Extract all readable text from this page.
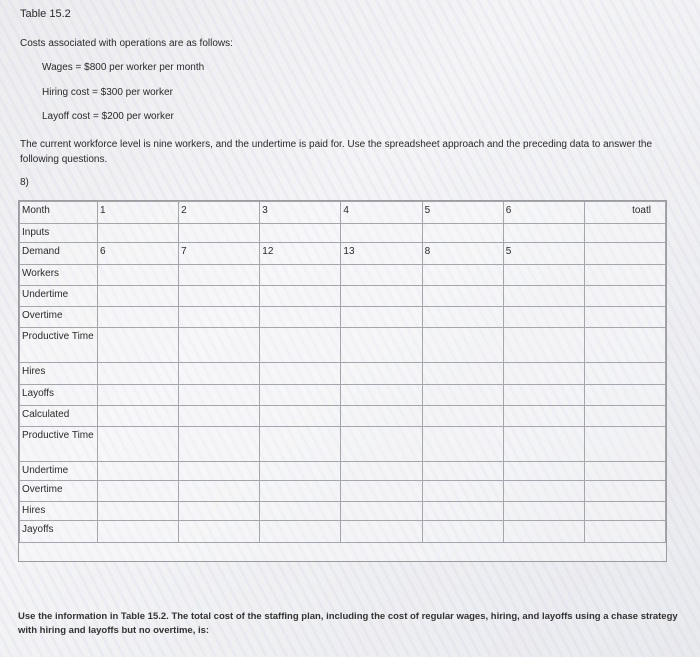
Table 15.2
Costs associated with operations are as follows:
Wages = $800 per worker per month
Hiring cost = $300 per worker
Layoff cost = $200 per worker
The current workforce level is nine workers, and the undertime is paid for. Use the spreadsheet approach and the preceding data to answer the following questions.
8)
Month	1	2	3	4	5	6	toatl
Inputs							
Demand	6	7	12	13	8	5	
Workers							
Undertime							
Overtime							
Productive Time							
Hires							
Layoffs							
Calculated							
Productive Time							
Undertime							
Overtime							
Hires							
Jayoffs							
Use the information in Table 15.2. The total cost of the staffing plan, including the cost of regular wages, hiring, and layoffs using a chase strategy with hiring and layoffs but no overtime, is:
